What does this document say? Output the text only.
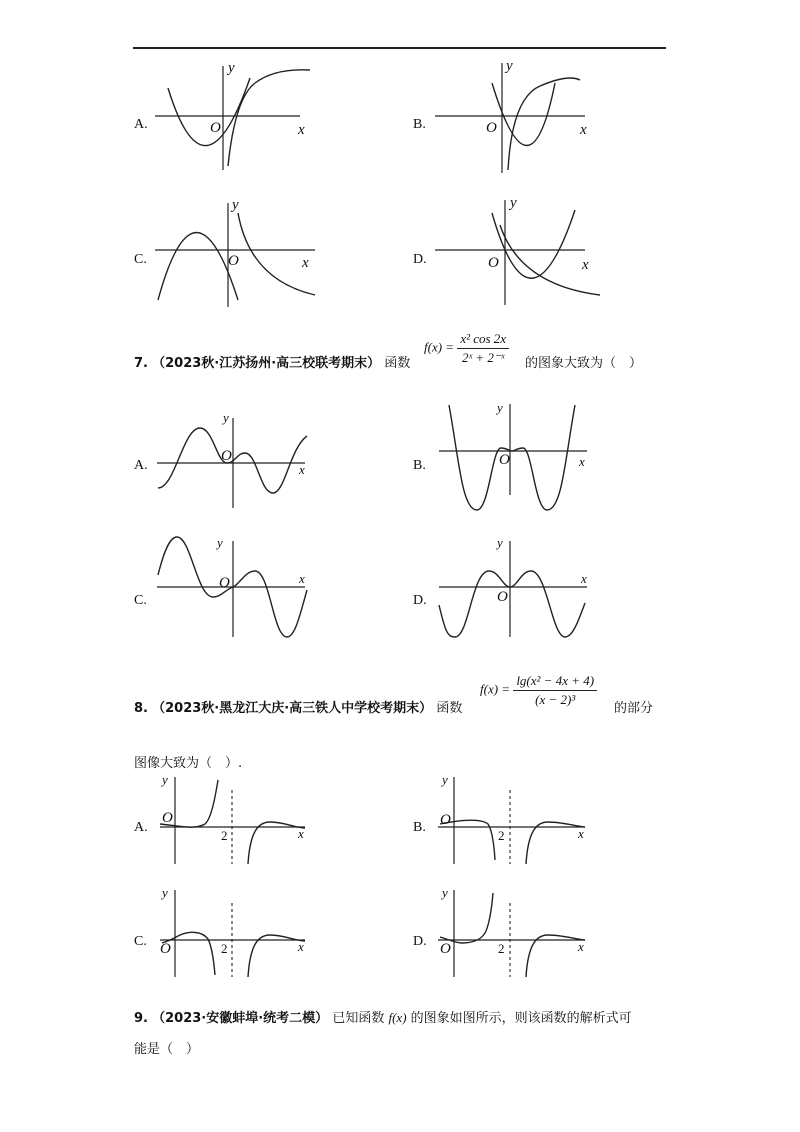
A.
y
x
O	B.
y
x
O
C.
y
x
O	D.
y
x
O
7. （2023秋·江苏扬州·高三校联考期末） 函数
$f(x) = \frac{\text{x² cos 2x}}{\text{2ˣ + 2⁻ˣ}}$ 的图象大致为（　）
A.
y
x
O
B.
y
x
O
C.
y
x
O
D.
y
x
O
8. （2023秋·黑龙江大庆·高三铁人中学校考期末） 函数
$f(x) = \frac{\text{lg(x² − 4x + 4)}}{\text{(x − 2)³}}$
的部分
图像大致为（　）.
A.
y
x
O
2
B.
y
x
O
2
C.
y
x
O	2	D.
y
x
O	2
9. （2023·安徽蚌埠·统考二模） 已知函数 f(x) 的图象如图所示，则该函数的解析式可
能是（　）
